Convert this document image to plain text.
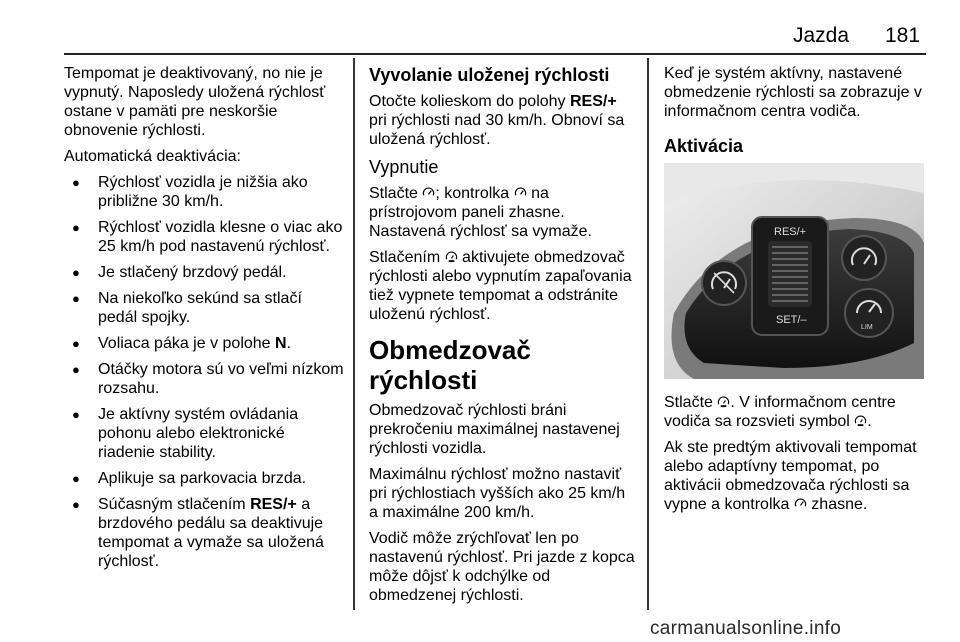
Jazda 181

Tempomat je deaktivovaný, no nie je vypnutý. Naposledy uložená rýchlosť ostane v pamäti pre neskoršie obnovenie rýchlosti.

Automatická deaktivácia:

● Rýchlosť vozidla je nižšia ako približne 30 km/h.
● Rýchlosť vozidla klesne o viac ako 25 km/h pod nastavenú rýchlosť.
● Je stlačený brzdový pedál.
● Na niekoľko sekúnd sa stlačí pedál spojky.
● Voliaca páka je v polohe N.
● Otáčky motora sú vo veľmi nízkom rozsahu.
● Je aktívny systém ovládania pohonu alebo elektronické riadenie stability.
● Aplikuje sa parkovacia brzda.
● Súčasným stlačením RES/+ a brzdového pedálu sa deaktivuje tempomat a vymaže sa uložená rýchlosť.
Vyvolanie uloženej rýchlosti

Otočte kolieskom do polohy RES/+ pri rýchlosti nad 30 km/h. Obnoví sa uložená rýchlosť.

Vypnutie

Stlačte ; kontrolka  na prístrojovom paneli zhasne. Nastavená rýchlosť sa vymaže.

Stlačením  aktivujete obmedzovač rýchlosti alebo vypnutím zapaľovania tiež vypnete tempomat a odstránite uloženú rýchlosť.

Obmedzovač rýchlosti

Obmedzovač rýchlosti bráni prekročeniu maximálnej nastavenej rýchlosti vozidla.

Maximálnu rýchlosť možno nastaviť pri rýchlostiach vyšších ako 25 km/h a maximálne 200 km/h.

Vodič môže zrýchľovať len po nastavenú rýchlosť. Pri jazde z kopca môže dôjsť k odchýlke od obmedzenej rýchlosti.

Keď je systém aktívny, nastavené obmedzenie rýchlosti sa zobrazuje v informačnom centra vodiča.

Aktivácia
RES/+
SET/–
LIM

Stlačte . V informačnom centre vodiča sa rozsvieti symbol .

Ak ste predtým aktivovali tempomat alebo adaptívny tempomat, po aktivácii obmedzovača rýchlosti sa vypne a kontrolka  zhasne.

carmanualsonline.info
